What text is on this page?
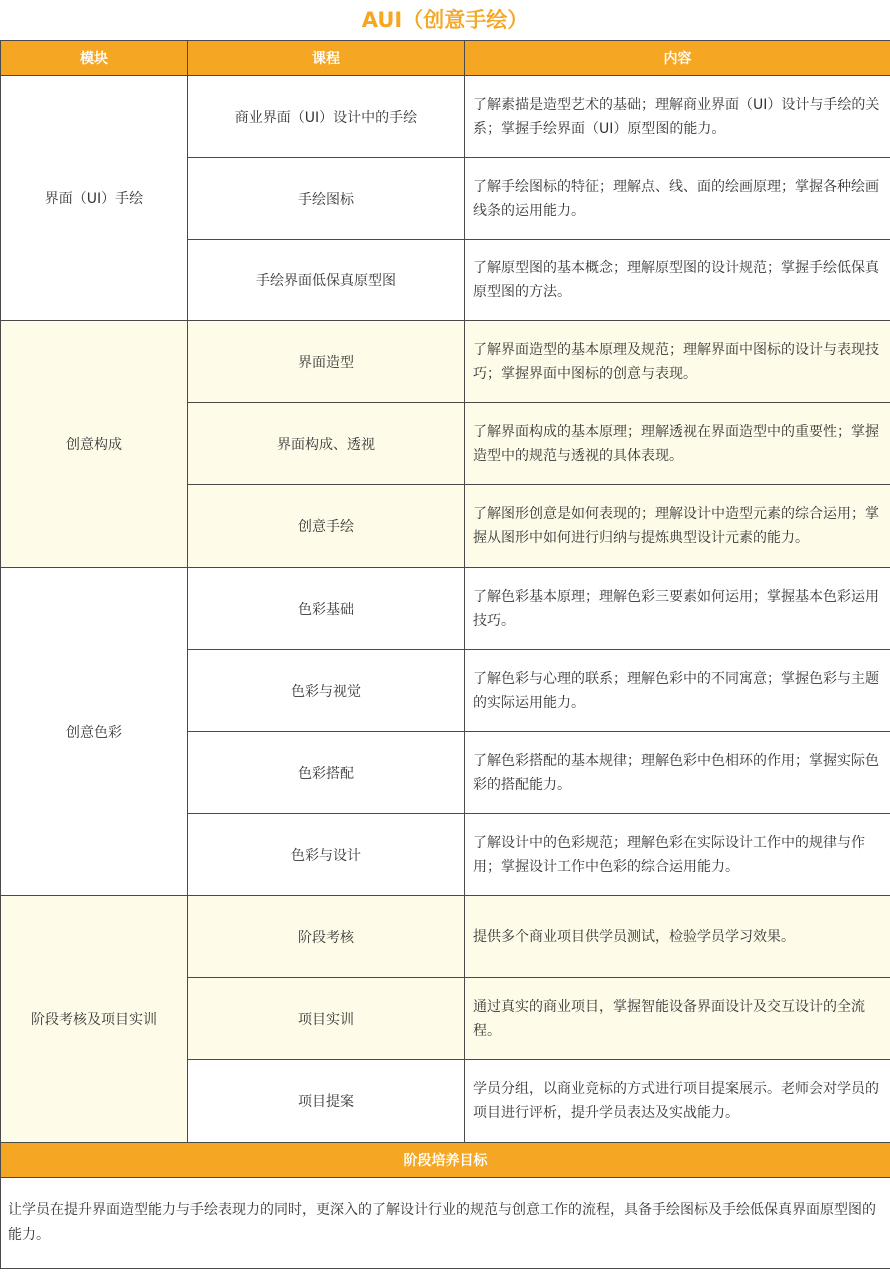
AUI（创意手绘）
模块	课程	内容
界面（UI）手绘	商业界面（UI）设计中的手绘	了解素描是造型艺术的基础；理解商业界面（UI）设计与手绘的关系；掌握手绘界面（UI）原型图的能力。
	手绘图标	了解手绘图标的特征；理解点、线、面的绘画原理；掌握各种绘画线条的运用能力。
	手绘界面低保真原型图	了解原型图的基本概念；理解原型图的设计规范；掌握手绘低保真原型图的方法。
创意构成	界面造型	了解界面造型的基本原理及规范；理解界面中图标的设计与表现技巧；掌握界面中图标的创意与表现。
	界面构成、透视	了解界面构成的基本原理；理解透视在界面造型中的重要性；掌握造型中的规范与透视的具体表现。
	创意手绘	了解图形创意是如何表现的；理解设计中造型元素的综合运用；掌握从图形中如何进行归纳与提炼典型设计元素的能力。
创意色彩	色彩基础	了解色彩基本原理；理解色彩三要素如何运用；掌握基本色彩运用技巧。
	色彩与视觉	了解色彩与心理的联系；理解色彩中的不同寓意；掌握色彩与主题的实际运用能力。
	色彩搭配	了解色彩搭配的基本规律；理解色彩中色相环的作用；掌握实际色彩的搭配能力。
	色彩与设计	了解设计中的色彩规范；理解色彩在实际设计工作中的规律与作用；掌握设计工作中色彩的综合运用能力。
阶段考核及项目实训	阶段考核	提供多个商业项目供学员测试，检验学员学习效果。
	项目实训	通过真实的商业项目，掌握智能设备界面设计及交互设计的全流程。
	项目提案	学员分组，以商业竞标的方式进行项目提案展示。老师会对学员的项目进行评析，提升学员表达及实战能力。
阶段培养目标		
让学员在提升界面造型能力与手绘表现力的同时，更深入的了解设计行业的规范与创意工作的流程，具备手绘图标及手绘低保真界面原型图的能力。		
